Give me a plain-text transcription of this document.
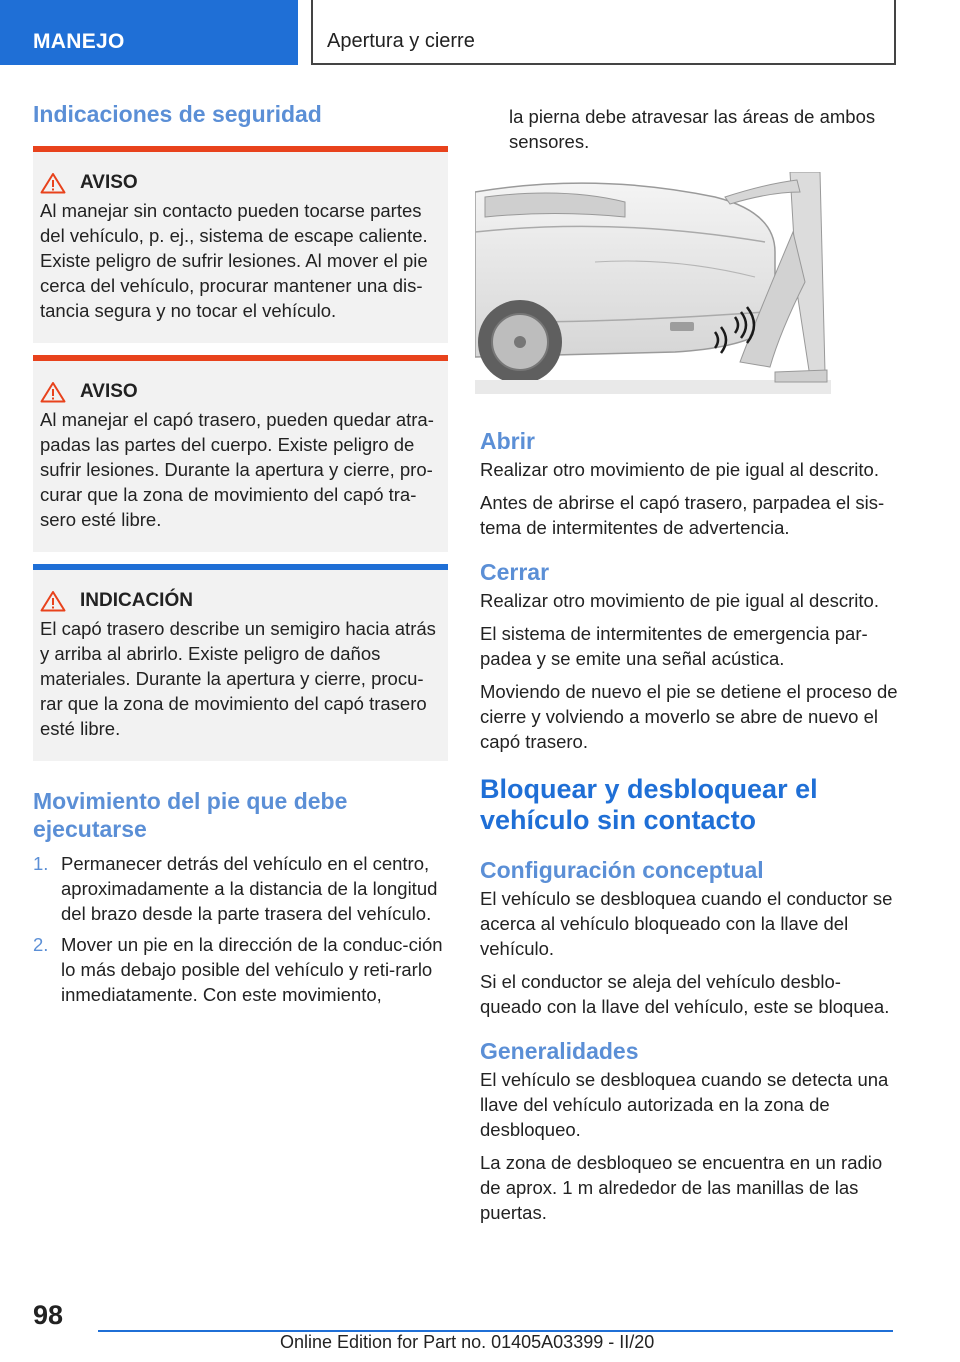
MANEJO	Apertura y cierre
Indicaciones de seguridad
AVISO

Al manejar sin contacto pueden tocarse partes del vehículo, p. ej., sistema de escape caliente. Existe peligro de sufrir lesiones. Al mover el pie cerca del vehículo, procurar mantener una dis-tancia segura y no tocar el vehículo.

AVISO

Al manejar el capó trasero, pueden quedar atra-padas las partes del cuerpo. Existe peligro de sufrir lesiones. Durante la apertura y cierre, pro-curar que la zona de movimiento del capó tra-sero esté libre.

INDICACIÓN

El capó trasero describe un semigiro hacia atrás y arriba al abrirlo. Existe peligro de daños materiales. Durante la apertura y cierre, procu-rar que la zona de movimiento del capó trasero esté libre.

Movimiento del pie que debe ejecutarse
1. Permanecer detrás del vehículo en el centro, aproximadamente a la distancia de la longitud del brazo desde la parte trasera del vehículo.
2. Mover un pie en la dirección de la conduc-ción lo más debajo posible del vehículo y reti-rarlo inmediatamente. Con este movimiento,

la pierna debe atravesar las áreas de ambos sensores.

Abrir

Realizar otro movimiento de pie igual al descrito.

Antes de abrirse el capó trasero, parpadea el sis-tema de intermitentes de advertencia.

Cerrar

Realizar otro movimiento de pie igual al descrito.

El sistema de intermitentes de emergencia par-padea y se emite una señal acústica.

Moviendo de nuevo el pie se detiene el proceso de cierre y volviendo a moverlo se abre de nuevo el capó trasero.

Bloquear y desbloquear el vehículo sin contacto
Configuración conceptual

El vehículo se desbloquea cuando el conductor se acerca al vehículo bloqueado con la llave del vehículo.

Si el conductor se aleja del vehículo desblo-queado con la llave del vehículo, este se bloquea.

Generalidades

El vehículo se desbloquea cuando se detecta una llave del vehículo autorizada en la zona de desbloqueo.

La zona de desbloqueo se encuentra en un radio de aprox. 1 m alrededor de las manillas de las puertas.

98
Online Edition for Part no. 01405A03399 - II/20
